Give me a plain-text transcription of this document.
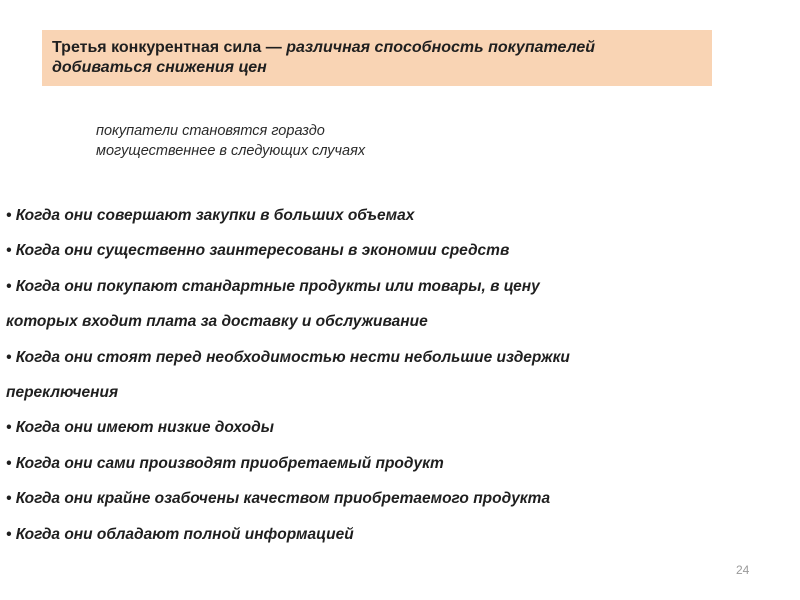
Третья конкурентная сила — различная способность покупателей
добиваться снижения цен
покупатели становятся гораздо
могущественнее в следующих случаях
• Когда они совершают закупки в больших объемах
• Когда они существенно заинтересованы в экономии средств
• Когда они покупают стандартные продукты или товары, в цену
которых входит плата за доставку и обслуживание
• Когда они стоят перед необходимостью нести небольшие издержки
переключения
• Когда они имеют низкие доходы
• Когда они сами производят приобретаемый продукт
• Когда они крайне озабочены качеством приобретаемого продукта
• Когда они обладают полной информацией
24
